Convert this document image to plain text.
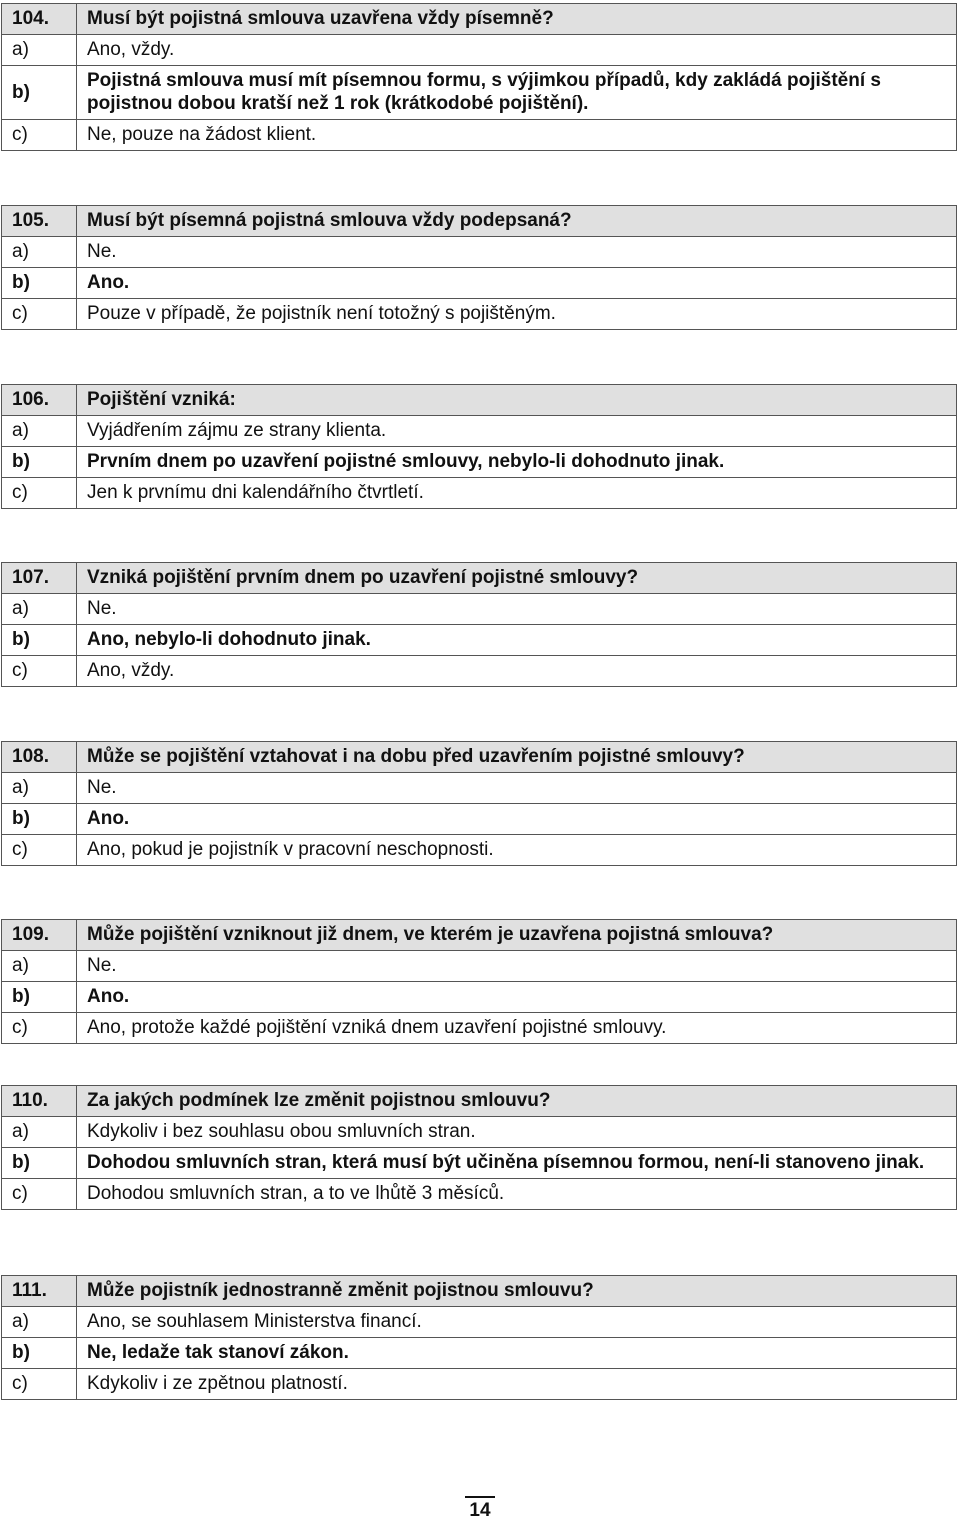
104.	Musí být pojistná smlouva uzavřena vždy písemně?
a)	Ano, vždy.
b)	Pojistná smlouva musí mít písemnou formu, s výjimkou případů, kdy zakládá pojištění s pojistnou dobou kratší než 1 rok (krátkodobé pojištění).
c)	Ne, pouze na žádost klient.
105.	Musí být písemná pojistná smlouva vždy podepsaná?
a)	Ne.
b)	Ano.
c)	Pouze v případě, že pojistník není totožný s pojištěným.
106.	Pojištění vzniká:
a)	Vyjádřením zájmu ze strany klienta.
b)	Prvním dnem po uzavření pojistné smlouvy, nebylo-li dohodnuto jinak.
c)	Jen k prvnímu dni kalendářního čtvrtletí.
107.	Vzniká pojištění prvním dnem po uzavření pojistné smlouvy?
a)	Ne.
b)	Ano, nebylo-li dohodnuto jinak.
c)	Ano, vždy.
108.	Může se pojištění vztahovat i na dobu před uzavřením pojistné smlouvy?
a)	Ne.
b)	Ano.
c)	Ano, pokud je pojistník v pracovní neschopnosti.
109.	Může pojištění vzniknout již dnem, ve kterém je uzavřena pojistná smlouva?
a)	Ne.
b)	Ano.
c)	Ano, protože každé pojištění vzniká dnem uzavření pojistné smlouvy.
110.	Za jakých podmínek lze změnit pojistnou smlouvu?
a)	Kdykoliv i bez souhlasu obou smluvních stran.
b)	Dohodou smluvních stran, která musí být učiněna písemnou formou, není-li stanoveno jinak.
c)	Dohodou smluvních stran, a to ve lhůtě 3 měsíců.
111.	Může pojistník jednostranně změnit pojistnou smlouvu?
a)	Ano, se souhlasem Ministerstva financí.
b)	Ne, ledaže tak stanoví zákon.
c)	Kdykoliv i ze zpětnou platností.
14
